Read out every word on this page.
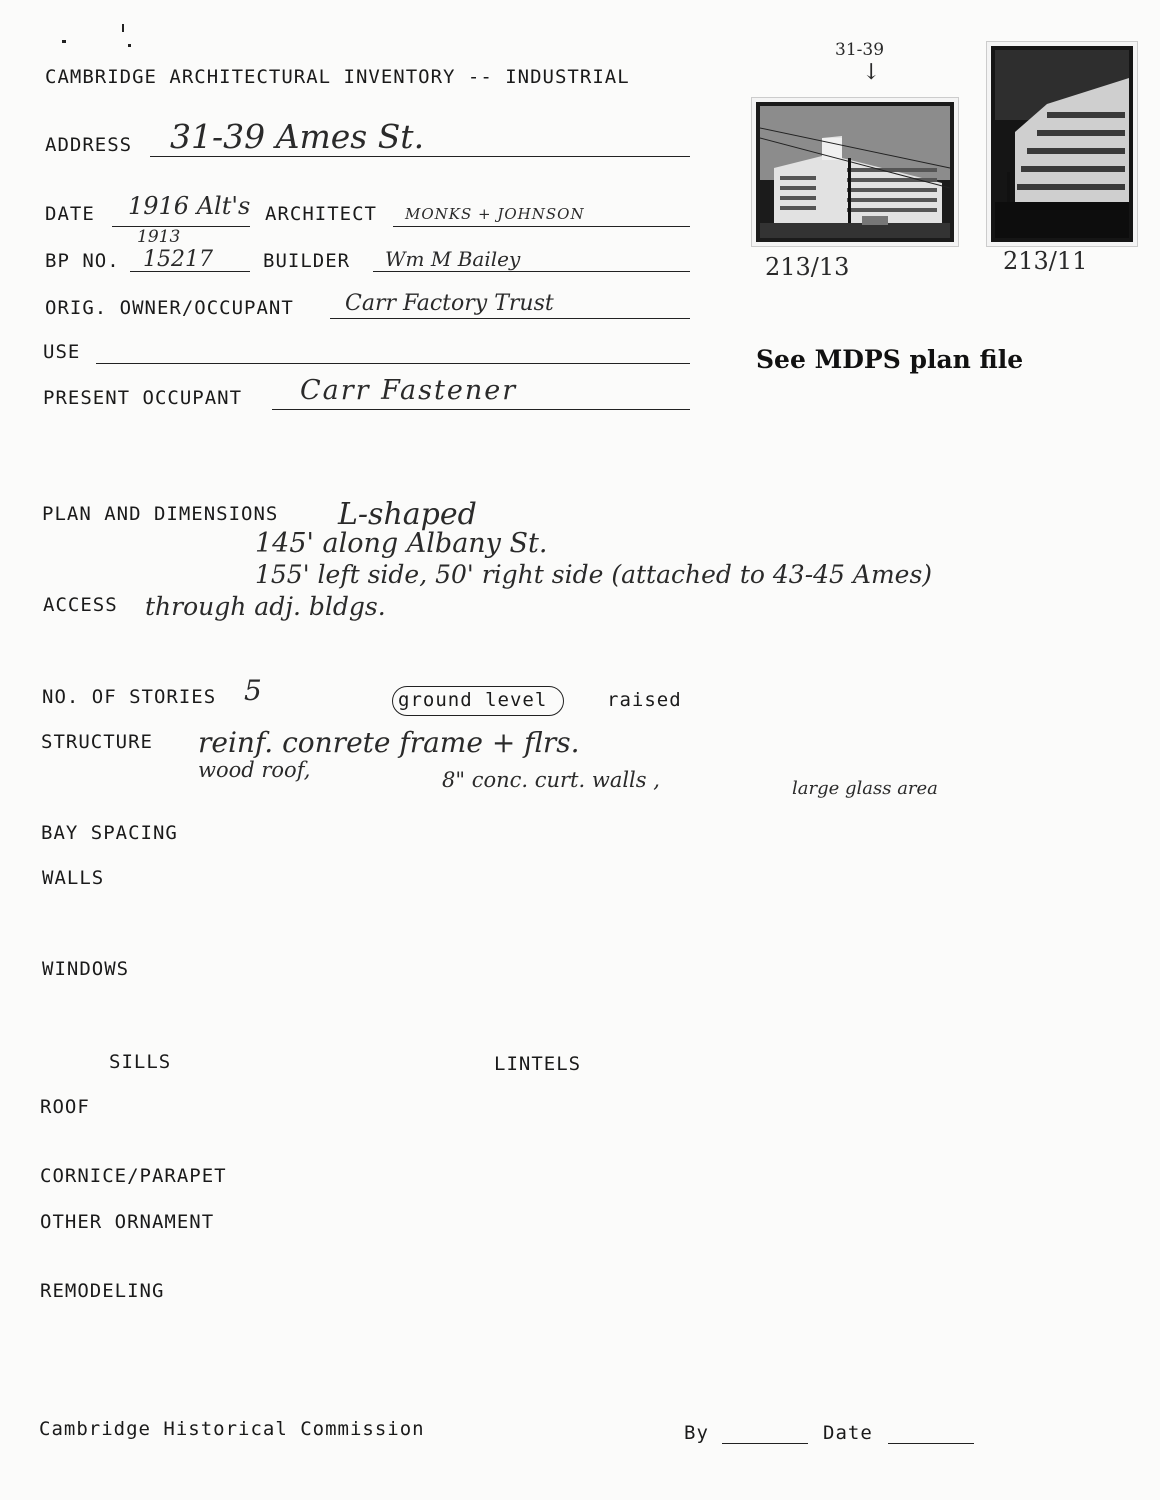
CAMBRIDGE ARCHITECTURAL INVENTORY -- INDUSTRIAL
ADDRESS 31-39 Ames St.
DATE 1916 Alt's ARCHITECT MONKS + JOHNSON
1913
BP NO. 15217	BUILDER Wm M Bailey
ORIG. OWNER/OCCUPANT Carr Factory Trust
USE
PRESENT OCCUPANT Carr Fastener
31-39
↓
213/13	213/11
See MDPS plan file
PLAN AND DIMENSIONS L-shaped
145' along Albany St.
155' left side, 50' right side (attached to 43-45 Ames)
ACCESS through adj. bldgs.
NO. OF STORIES 5	ground level	raised
STRUCTURE reinf. conrete frame + flrs.
wood roof,	8" conc. curt. walls ,	large glass area
BAY SPACING
WALLS
WINDOWS
SILLS	LINTELS
ROOF
CORNICE/PARAPET
OTHER ORNAMENT
REMODELING
Cambridge Historical Commission	By	Date
